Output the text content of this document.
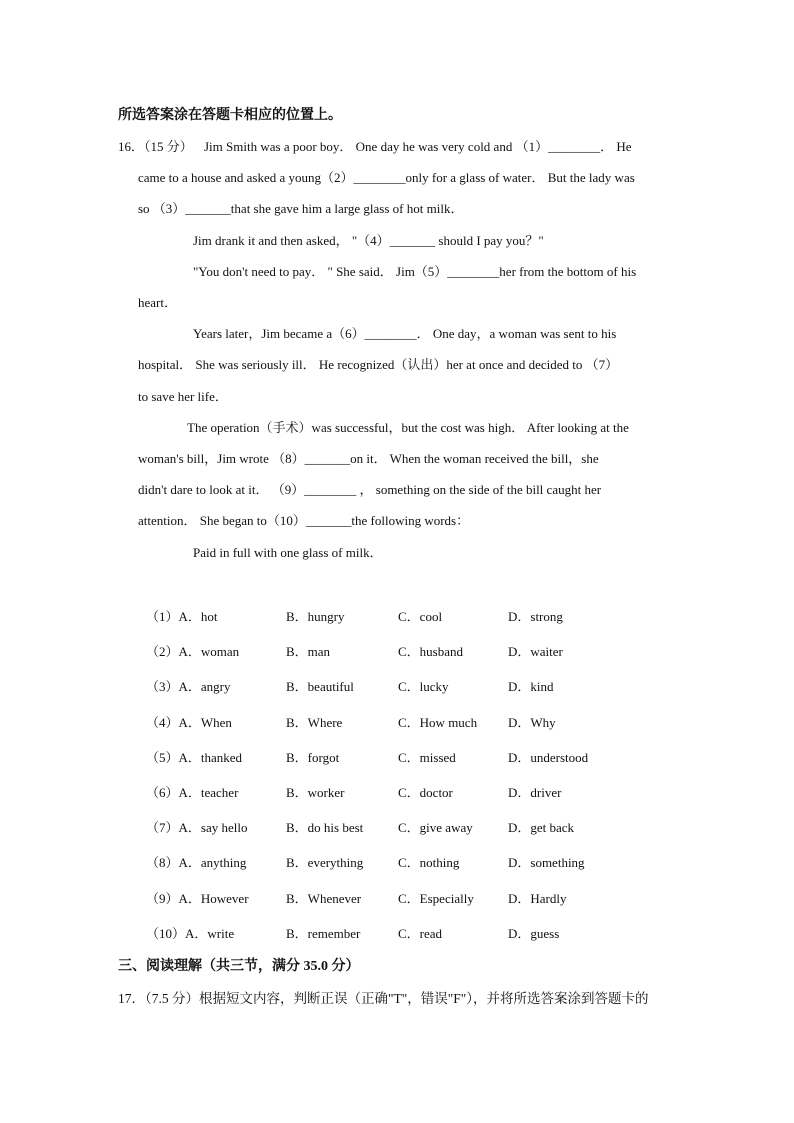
所选答案涂在答题卡相应的位置上。
16．（15 分） Jim Smith was a poor boy． One day he was very cold and （1）________． He
came to a house and asked a young（2）________only for a glass of water． But the lady was
so （3）_______that she gave him a large glass of hot milk．
Jim drank it and then asked， "（4）_______ should I pay you？"
"You don't need to pay． " She said． Jim（5）________her from the bottom of his
heart．
Years later，Jim became a（6）________． One day，a woman was sent to his
hospital． She was seriously ill． He recognized（认出）her at once and decided to （7）
to save her life．
The operation（手术）was successful，but the cost was high． After looking at the
woman's bill，Jim wrote （8）_______on it． When the woman received the bill，she
didn't dare to look at it． （9）________ ， something on the side of the bill caught her
attention． She began to（10）_______the following words：
Paid in full with one glass of milk．
（1）A．hot	B．hungry	C．cool	D．strong
（2）A．woman	B．man	C．husband	D．waiter
（3）A．angry	B．beautiful	C．lucky	D．kind
（4）A．When	B．Where	C．How much D．Why
（5）A．thanked	B．forgot	C．missed	D．understood
（6）A．teacher	B．worker	C．doctor	D．driver
（7）A．say hello	B．do his best	C．give away	D．get back
（8）A．anything	B．everything	C．nothing	D．something
（9）A．However	B．Whenever	C．Especially	D．Hardly
（10）A．write	B．remember	C．read	D．guess
三、阅读理解（共三节，满分 35.0 分）
17．（7.5 分）根据短文内容，判断正误（正确"T"，错误"F"），并将所选答案涂到答题卡的
